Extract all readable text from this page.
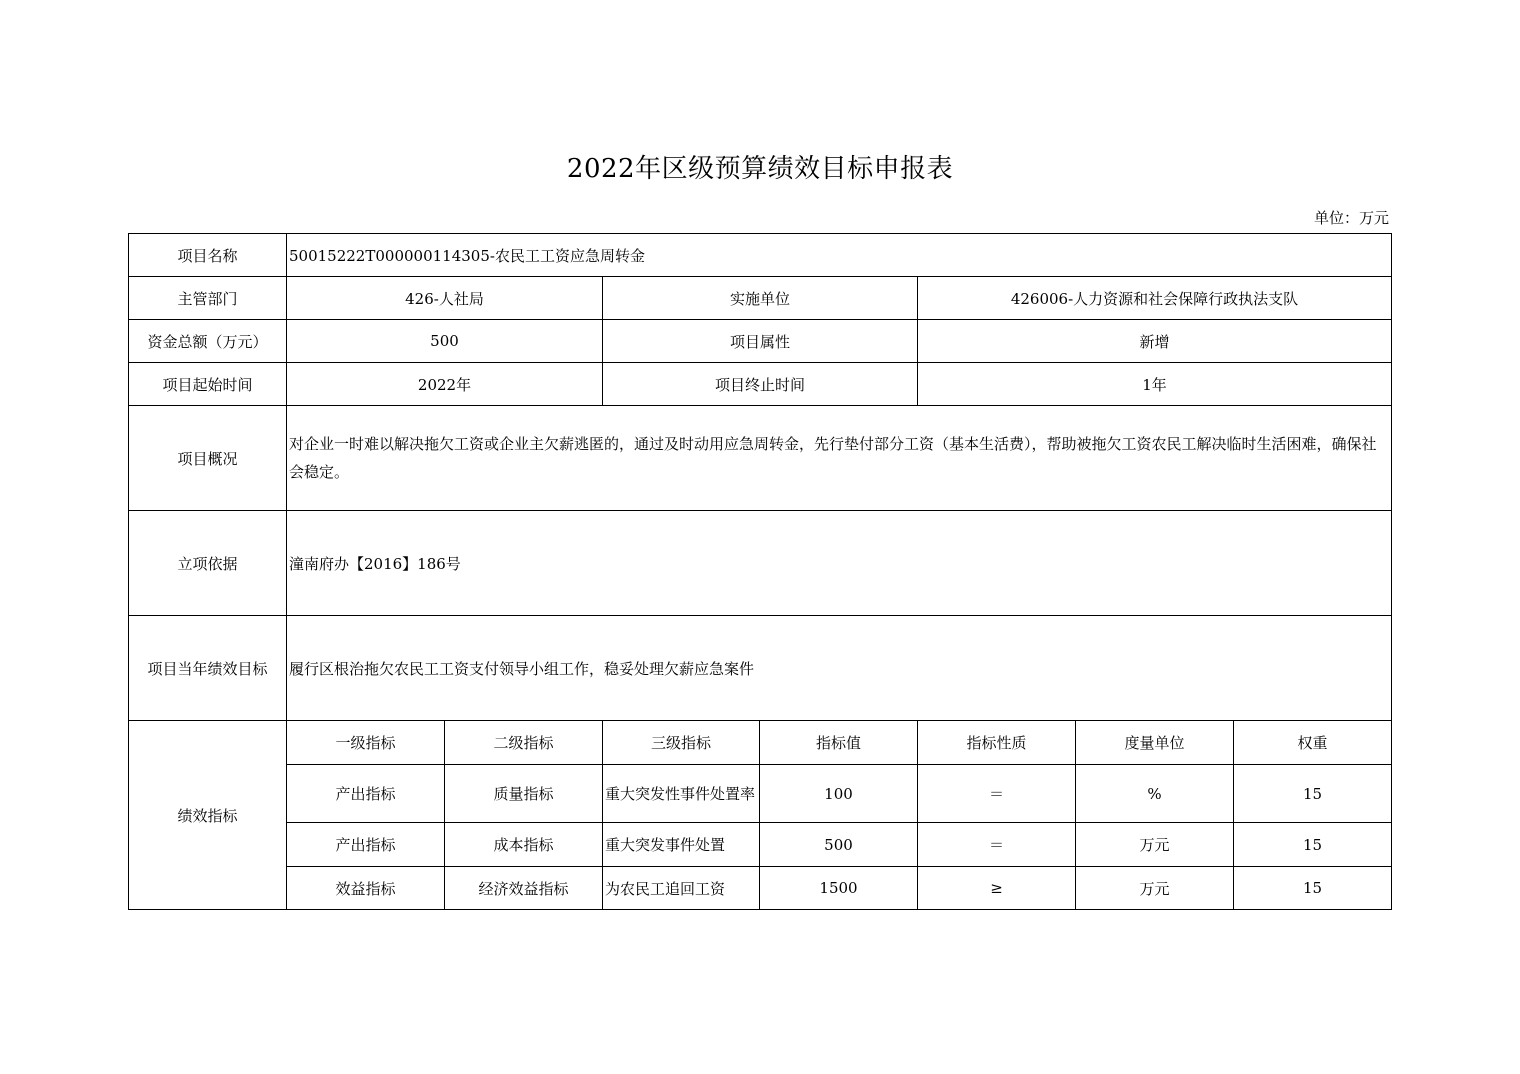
2022年区级预算绩效目标申报表
单位：万元
项目名称	50015222T000000114305-农民工工资应急周转金						
主管部门	426-人社局		实施单位		426006-人力资源和社会保障行政执法支队		
资金总额（万元）	500		项目属性		新增		
项目起始时间	2022年		项目终止时间		1年		
项目概况	对企业一时难以解决拖欠工资或企业主欠薪逃匿的，通过及时动用应急周转金，先行垫付部分工资（基本生活费），帮助被拖欠工资农民工解决临时生活困难，确保社会稳定。						
立项依据	潼南府办【2016】186号						
项目当年绩效目标	履行区根治拖欠农民工工资支付领导小组工作，稳妥处理欠薪应急案件						
绩效指标	一级指标	二级指标	三级指标	指标值	指标性质	度量单位	权重
	产出指标	质量指标	重大突发性事件处置率	100	＝	%	15
	产出指标	成本指标	重大突发事件处置	500	＝	万元	15
	效益指标	经济效益指标	为农民工追回工资	1500	≥	万元	15
